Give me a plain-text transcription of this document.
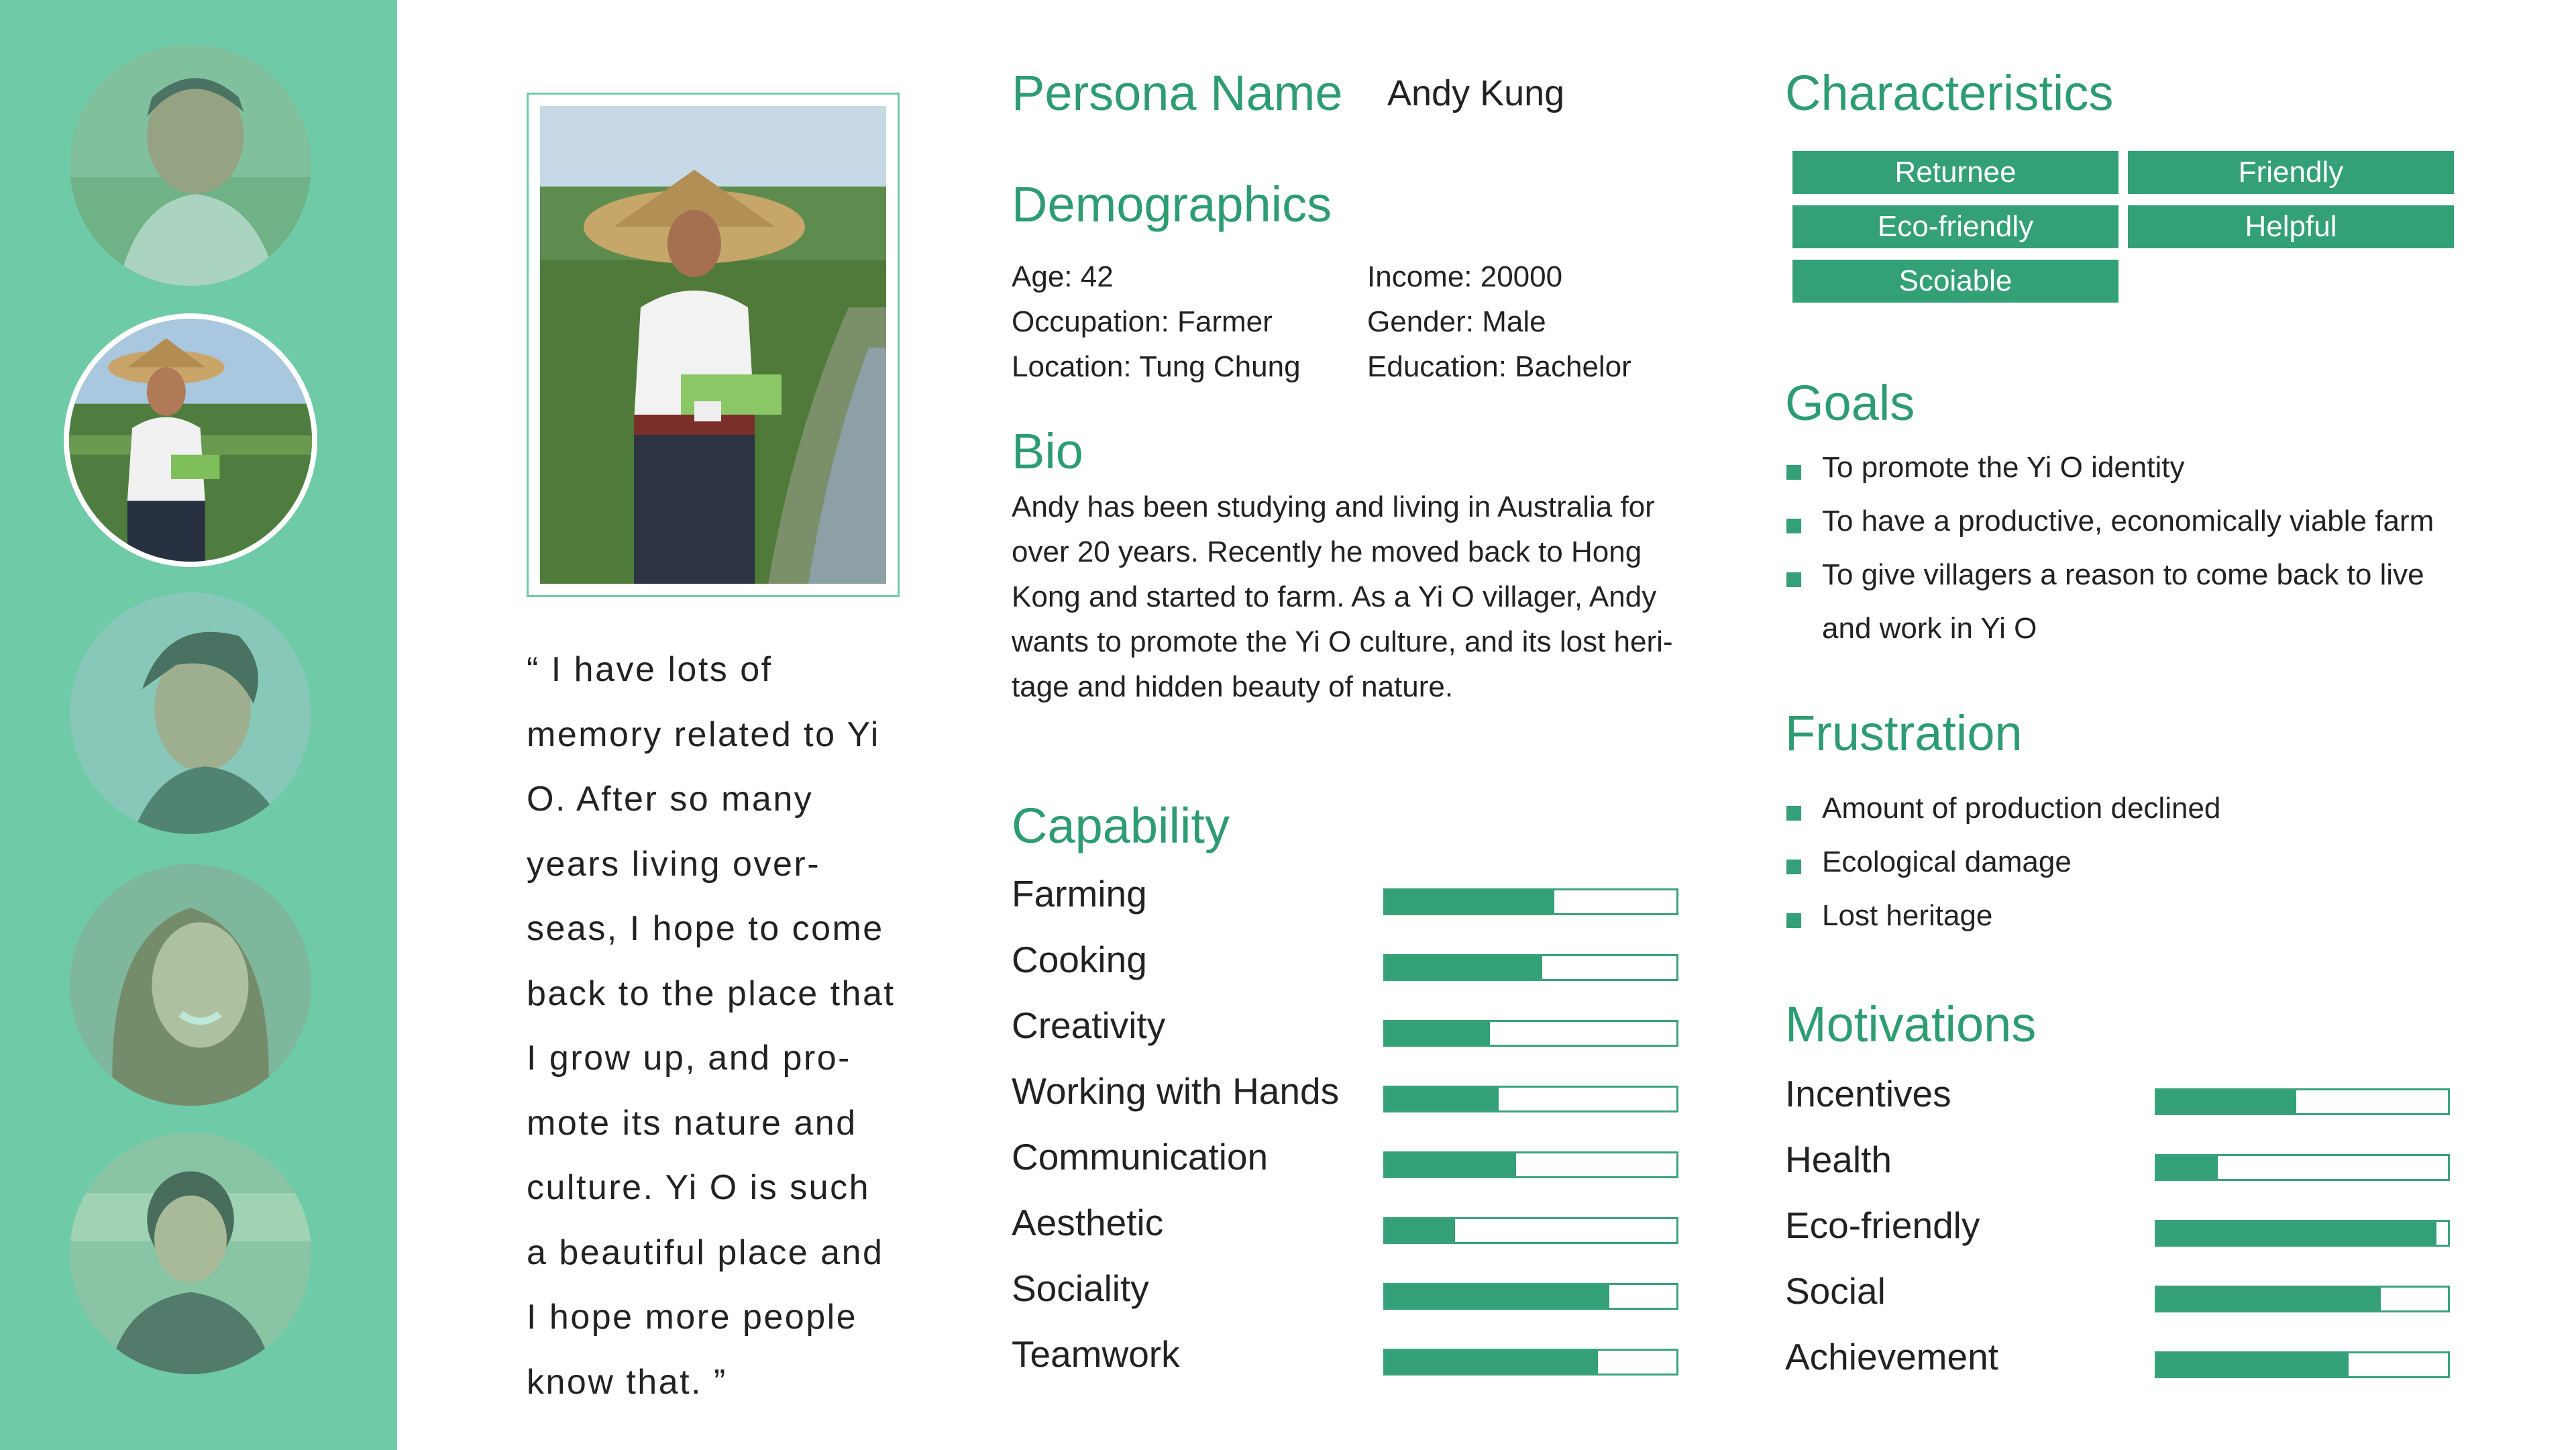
“ I have lots of memory related to Yi O. After so many years living over-seas, I hope to come back to the place that I grow up, and pro-mote its nature and culture. Yi O is such a beautiful place and I hope more people know that. ”

Persona Name Andy Kung
Demographics
Age: 42
Occupation: Farmer
Location: Tung Chung
Income: 20000
Gender: Male
Education: Bachelor
Bio

Andy has been studying and living in Australia for over 20 years. Recently he moved back to Hong Kong and started to farm. As a Yi O villager, Andy wants to promote the Yi O culture, and its lost heri-tage and hidden beauty of nature.

Capability
Farming
Cooking
Creativity
Working with Hands
Communication
Aesthetic
Sociality
Teamwork
Characteristics
Returnee	Friendly
Eco-friendly	Helpful
Scoiable
Goals
To promote the Yi O identity
To have a productive, economically viable farm
To give villagers a reason to come back to live
and work in Yi O
Frustration
Amount of production declined
Ecological damage
Lost heritage
Motivations
Incentives
Health
Eco-friendly
Social
Achievement
